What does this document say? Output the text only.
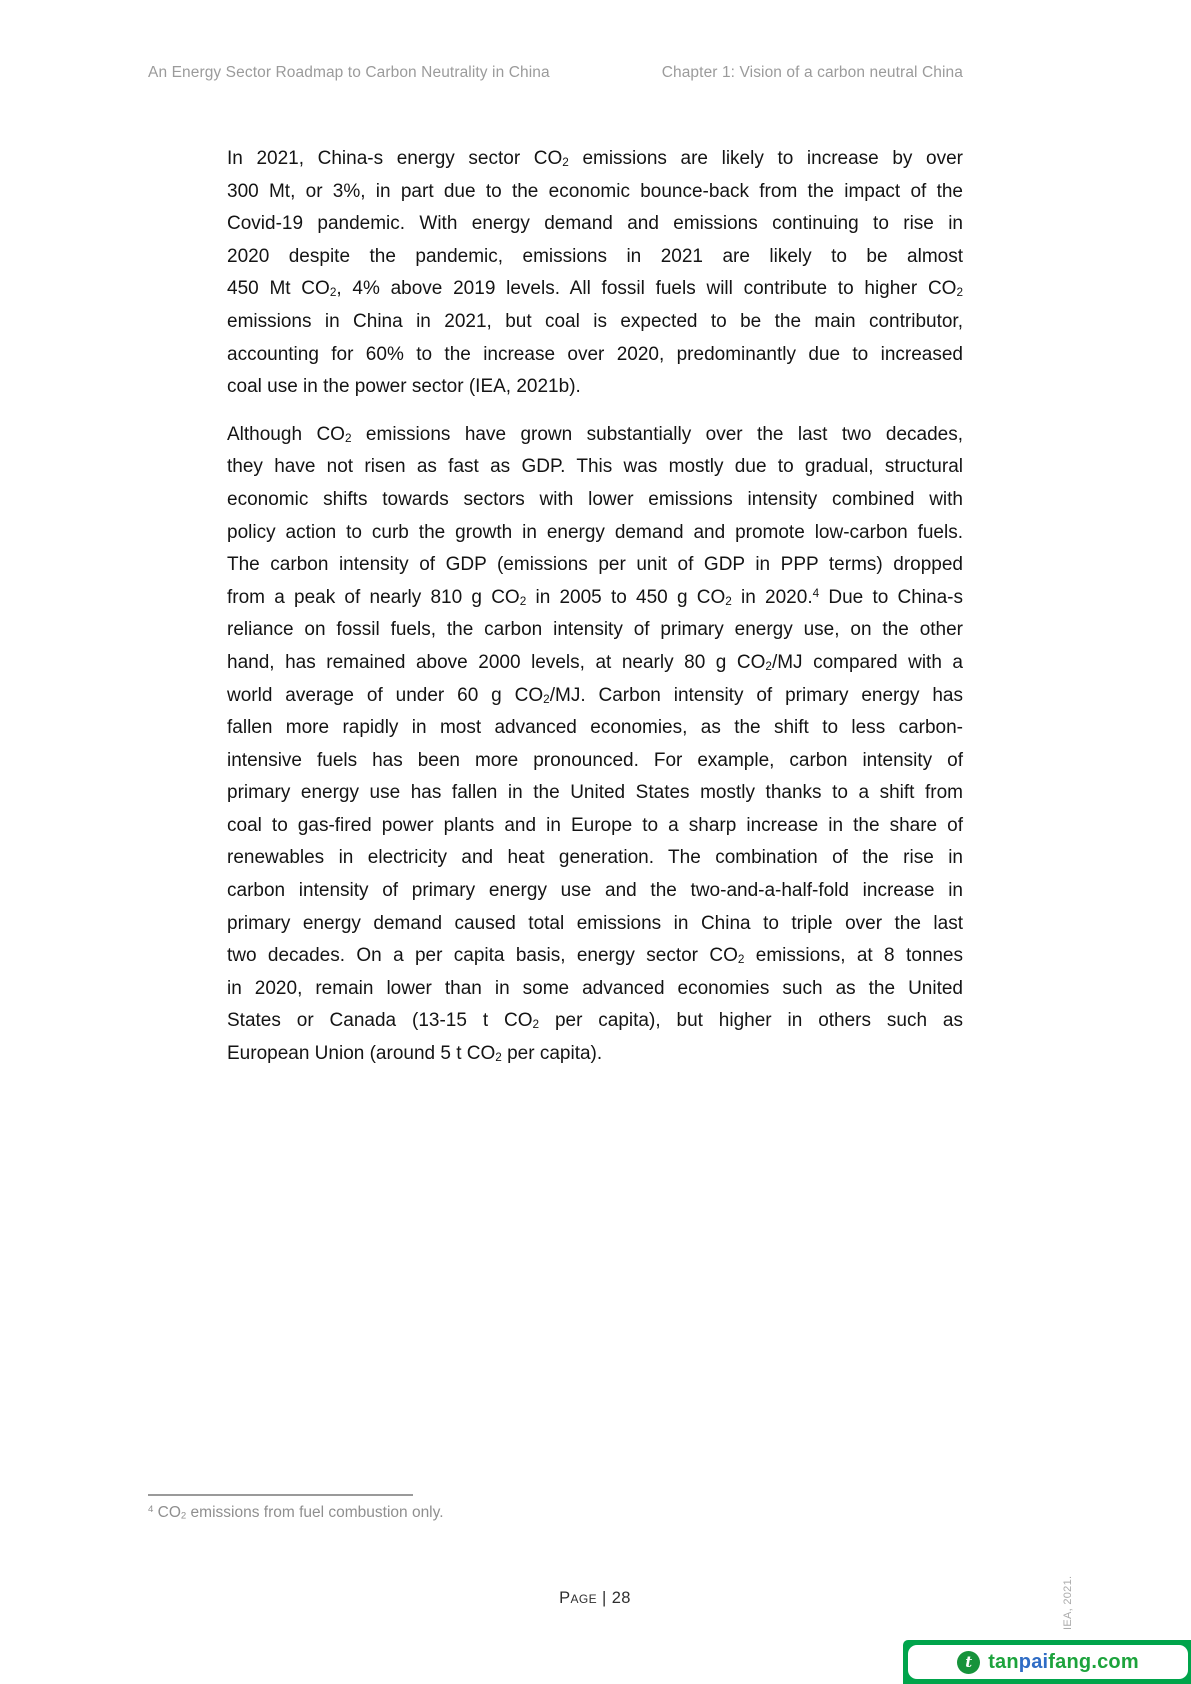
An Energy Sector Roadmap to Carbon Neutrality in China	Chapter 1: Vision of a carbon neutral China
In 2021, China-s energy sector $CO_2$ emissions are likely to increase by over
300 Mt, or 3%, in part due to the economic bounce-back from the impact of the
Covid-19 pandemic. With energy demand and emissions continuing to rise in
2020 despite the pandemic, emissions in 2021 are likely to be almost
450 Mt $CO_2$, 4% above 2019 levels. All fossil fuels will contribute to higher $CO_2$
emissions in China in 2021, but coal is expected to be the main contributor,
accounting for 60% to the increase over 2020, predominantly due to increased
coal use in the power sector (IEA, 2021b).
Although $CO_2$ emissions have grown substantially over the last two decades,
they have not risen as fast as GDP. This was mostly due to gradual, structural
economic shifts towards sectors with lower emissions intensity combined with
policy action to curb the growth in energy demand and promote low-carbon fuels.
The carbon intensity of GDP (emissions per unit of GDP in PPP terms) dropped
from a peak of nearly 810 g $CO_2$ in 2005 to 450 g $CO_2$ in 2020.$^4$ Due to China-s
reliance on fossil fuels, the carbon intensity of primary energy use, on the other
hand, has remained above 2000 levels, at nearly 80 g $CO_2/MJ$ compared with a
world average of under 60 g $CO_2/MJ$. Carbon intensity of primary energy has
fallen more rapidly in most advanced economies, as the shift to less carbon-
intensive fuels has been more pronounced. For example, carbon intensity of
primary energy use has fallen in the United States mostly thanks to a shift from
coal to gas-fired power plants and in Europe to a sharp increase in the share of
renewables in electricity and heat generation. The combination of the rise in
carbon intensity of primary energy use and the two-and-a-half-fold increase in
primary energy demand caused total emissions in China to triple over the last
two decades. On a per capita basis, energy sector $CO_2$ emissions, at 8 tonnes
in 2020, remain lower than in some advanced economies such as the United
States or Canada (13-15 t $CO_2$ per capita), but higher in others such as
European Union (around 5 t $CO_2$ per capita).
$^4$ $CO_2$ emissions from fuel combustion only.
Page | 28	IEA, 2021.
t tanpaifang.com
